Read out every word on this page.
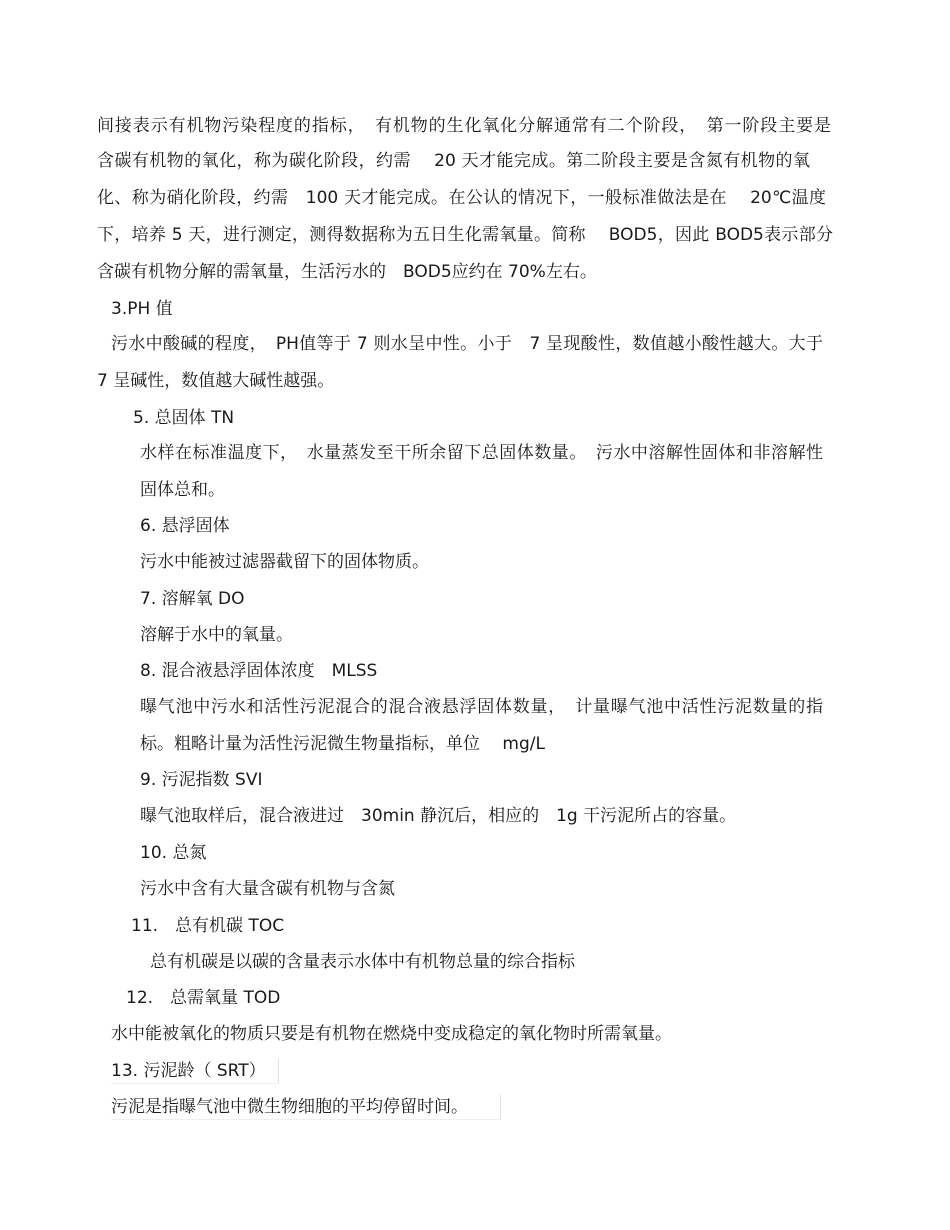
间接表示有机物污染程度的指标，　有机物的生化氧化分解通常有二个阶段，　第一阶段主要是
含碳有机物的氧化，称为碳化阶段，约需　 20 天才能完成。第二阶段主要是含氮有机物的氧
化、称为硝化阶段，约需　100 天才能完成。在公认的情况下，一般标准做法是在　 20℃温度
下，培养 5 天，进行测定，测得数据称为五日生化需氧量。简称　 BOD5，因此 BOD5表示部分
含碳有机物分解的需氧量，生活污水的　BOD5应约在 70%左右。
3.PH 值
污水中酸碱的程度，　PH值等于 7 则水呈中性。小于　7 呈现酸性，数值越小酸性越大。大于
7 呈碱性，数值越大碱性越强。
5. 总固体 TN
水样在标准温度下，　水量蒸发至干所余留下总固体数量。　污水中溶解性固体和非溶解性
固体总和。
6. 悬浮固体
污水中能被过滤器截留下的固体物质。
7. 溶解氧 DO
溶解于水中的氧量。
8. 混合液悬浮固体浓度　MLSS
曝气池中污水和活性污泥混合的混合液悬浮固体数量，　计量曝气池中活性污泥数量的指
标。粗略计量为活性污泥微生物量指标，单位　 mg/L
9. 污泥指数 SVI
曝气池取样后，混合液进过　30min 静沉后，相应的　1g 干污泥所占的容量。
10. 总氮
污水中含有大量含碳有机物与含氮
11.　总有机碳 TOC
总有机碳是以碳的含量表示水体中有机物总量的综合指标
12.　总需氧量 TOD
水中能被氧化的物质只要是有机物在燃烧中变成稳定的氧化物时所需氧量。
13. 污泥龄（ SRT）
污泥是指曝气池中微生物细胞的平均停留时间。
